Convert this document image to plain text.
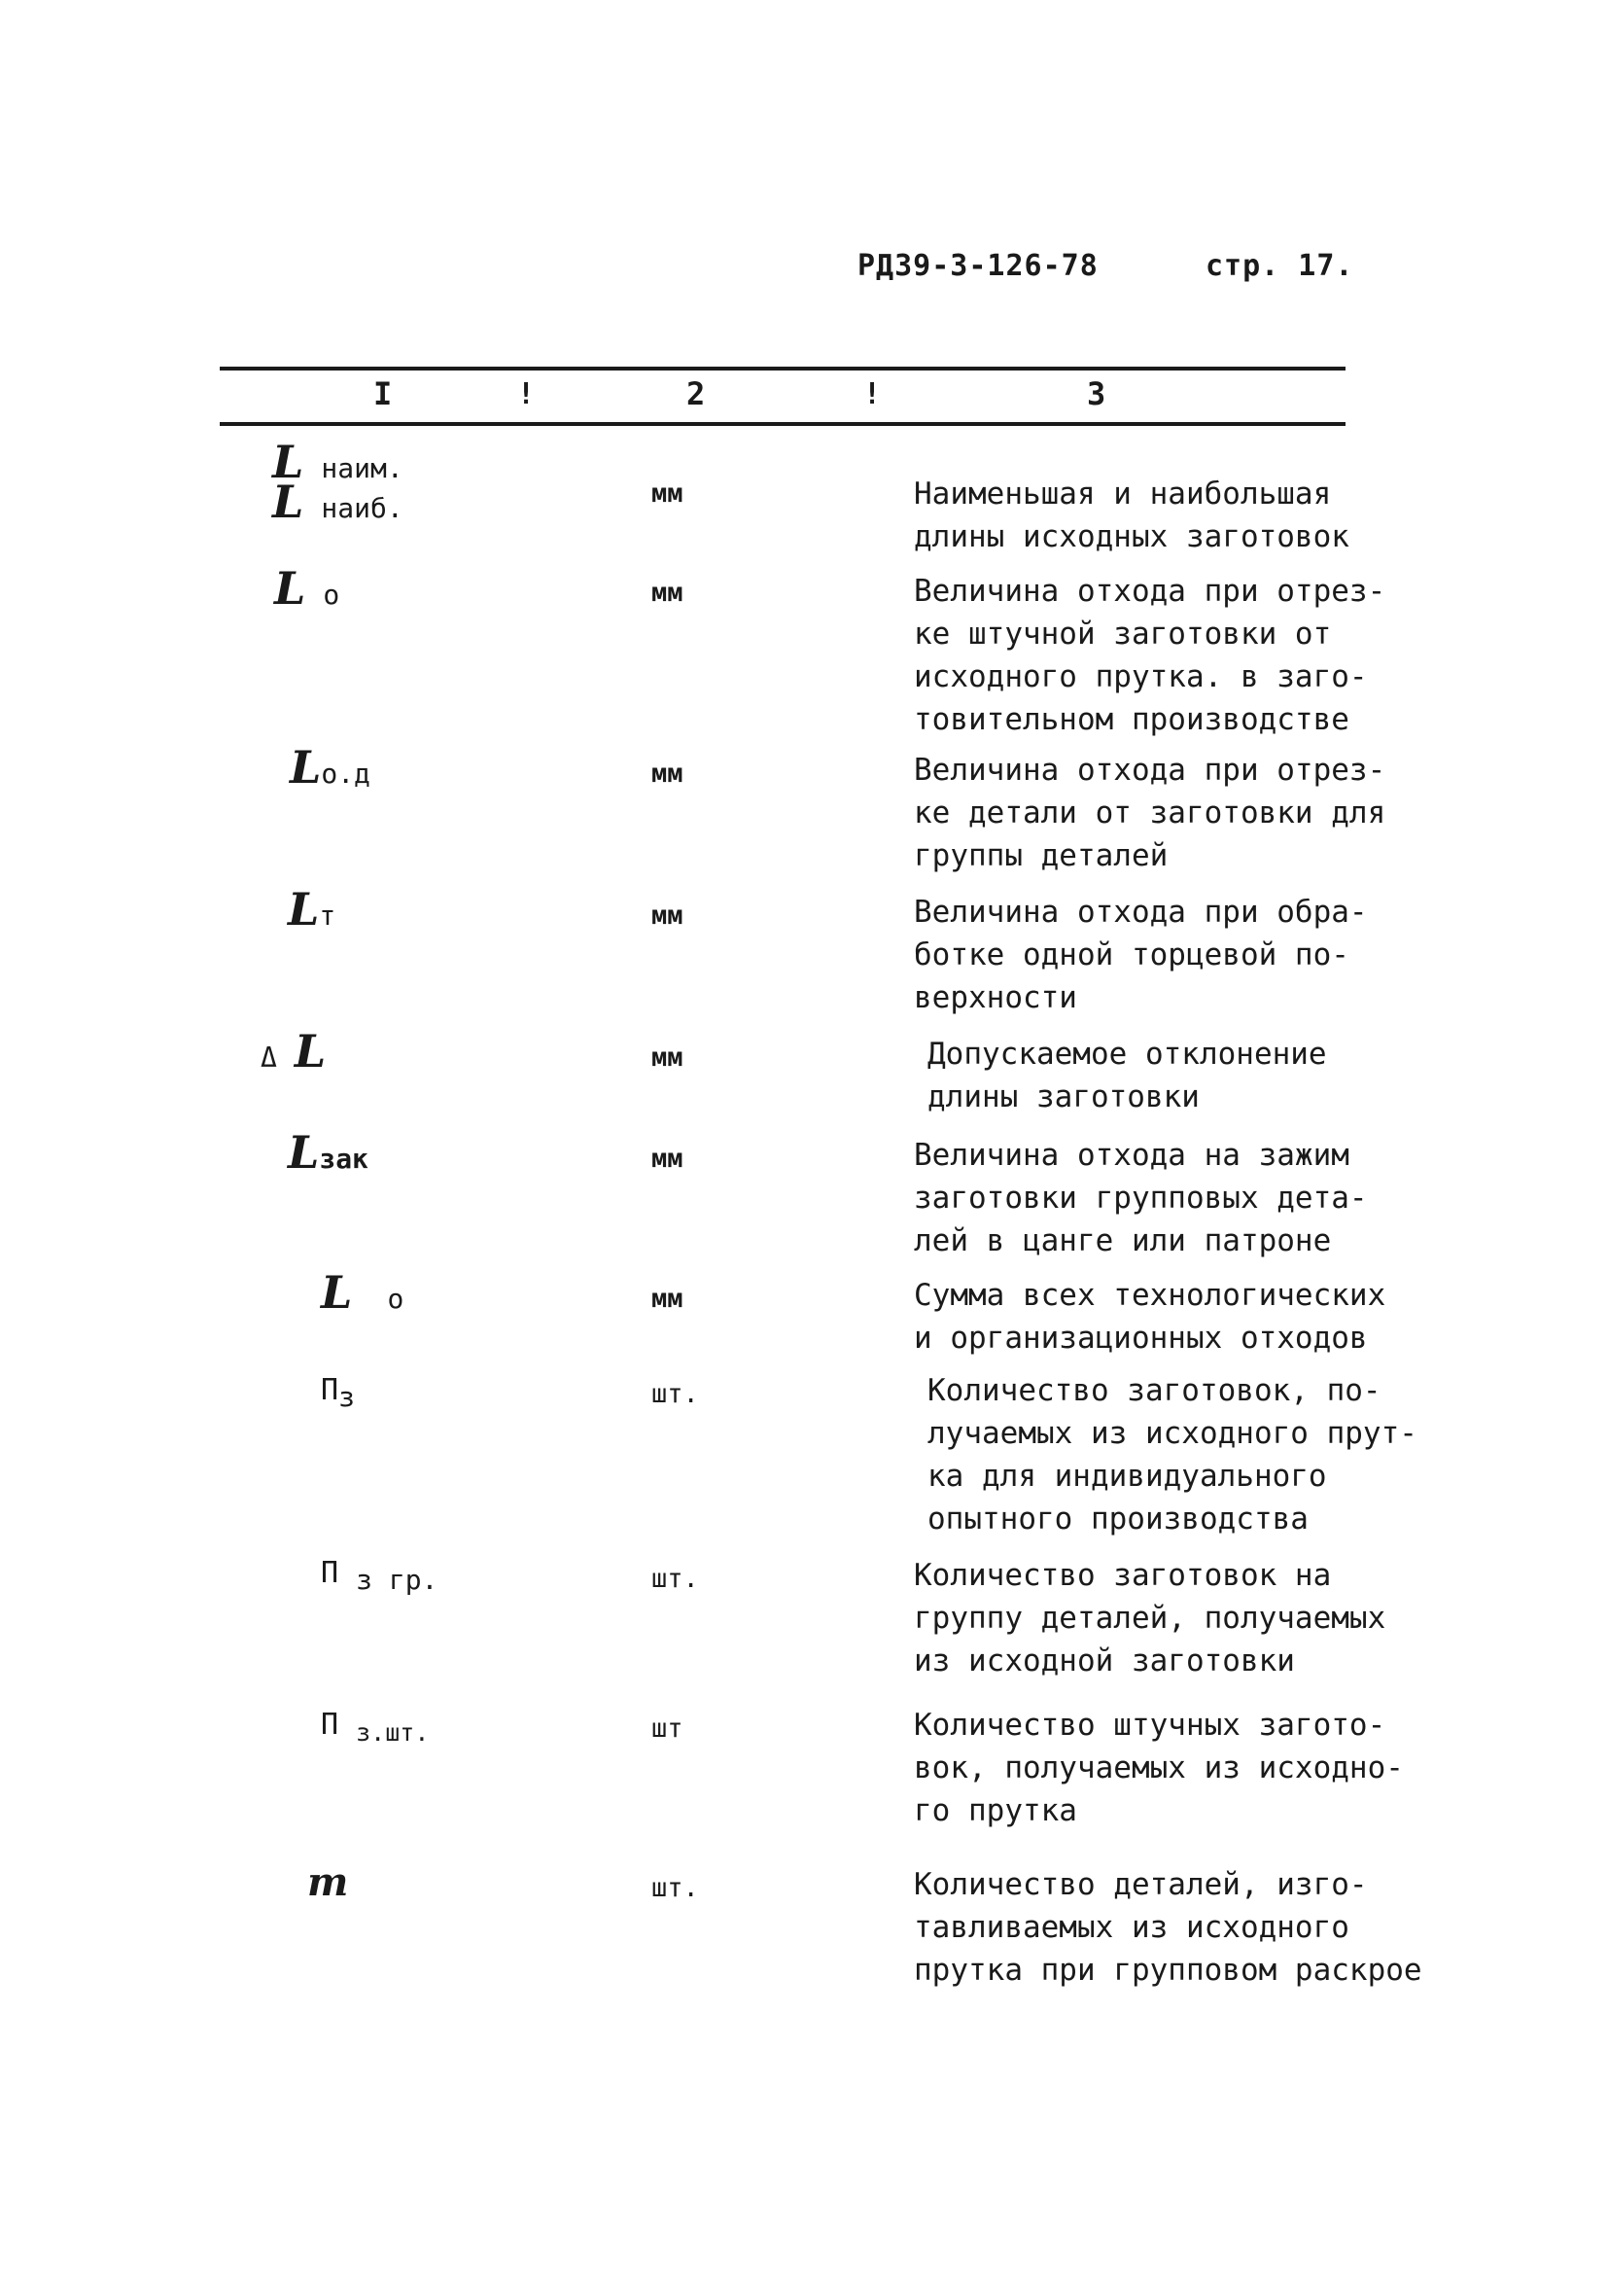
РД39-3-126-78	стр. 17.
I	!	2	!	3
L наим.
L наиб.	мм	Наименьшая и наибольшая
длины исходных заготовок
L о	мм	Величина отхода при отрез-
ке штучной заготовки от
исходного прутка. в заго-
товительном производстве
Lо.д	мм	Величина отхода при отрез-
ке детали от заготовки для
группы деталей
Lт	мм	Величина отхода при обра-
ботке одной торцевой по-
верхности
Δ L	мм	Допускаемое отклонение
длины заготовки
Lзак	мм	Величина отхода на зажим
заготовки групповых дета-
лей в цанге или патроне
L о	мм	Сумма всех технологических
и организационных отходов
$П_з$	шт.	Количество заготовок, по-
лучаемых из исходного прут-
ка для индивидуального
опытного производства
П $_{з гр.}$	шт.	Количество заготовок на
группу деталей, получаемых
из исходной заготовки
П $_{з.шт.}$	шт	Количество штучных загото-
вок, получаемых из исходно-
го прутка
m	шт.	Количество деталей, изго-
тавливаемых из исходного
прутка при групповом раскрое
